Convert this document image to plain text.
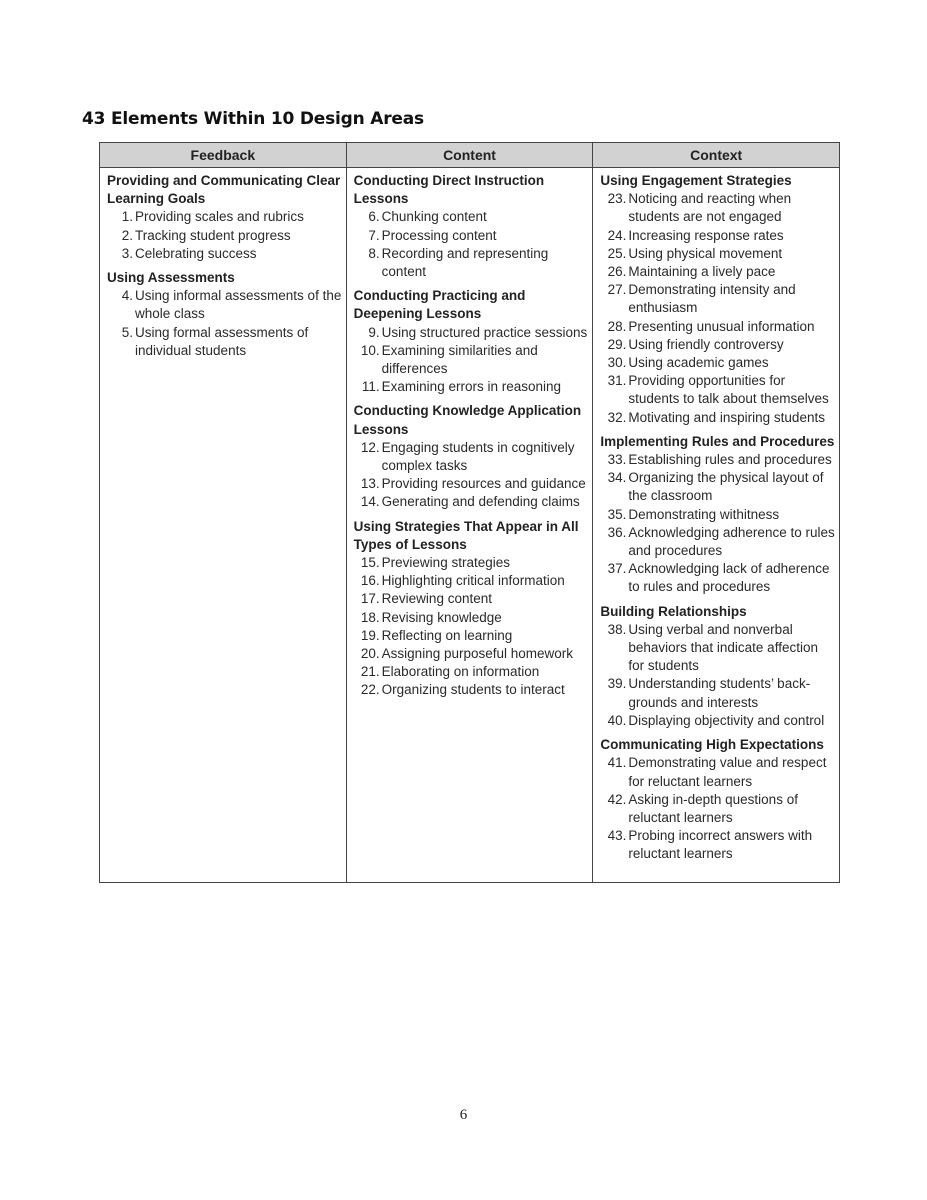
43 Elements Within 10 Design Areas
Feedback	Content	Context
Providing and Communicating Clear Learning Goals
1. Providing scales and rubrics
2. Tracking student progress
3. Celebrating success
Using Assessments
4. Using informal assessments of the whole class
5. Using formal assessments of individual students
Conducting Direct Instruction Lessons
6. Chunking content
7. Processing content
8. Recording and representing content
Conducting Practicing and Deepening Lessons
9. Using structured practice sessions
10. Examining similarities and differences
11. Examining errors in reasoning
Conducting Knowledge Application Lessons
12. Engaging students in cognitively complex tasks
13. Providing resources and guidance
14. Generating and defending claims
Using Strategies That Appear in All Types of Lessons
15. Previewing strategies
16. Highlighting critical information
17. Reviewing content
18. Revising knowledge
19. Reflecting on learning
20. Assigning purposeful homework
21. Elaborating on information
22. Organizing students to interact
Using Engagement Strategies
23. Noticing and reacting when students are not engaged
24. Increasing response rates
25. Using physical movement
26. Maintaining a lively pace
27. Demonstrating intensity and enthusiasm
28. Presenting unusual information
29. Using friendly controversy
30. Using academic games
31. Providing opportunities for students to talk about themselves
32. Motivating and inspiring students
Implementing Rules and Procedures
33. Establishing rules and procedures
34. Organizing the physical layout of the classroom
35. Demonstrating withitness
36. Acknowledging adherence to rules and procedures
37. Acknowledging lack of adherence to rules and procedures
Building Relationships
38. Using verbal and nonverbal behaviors that indicate affection for students
39. Understanding students’ backgrounds and interests
40. Displaying objectivity and control
Communicating High Expectations
41. Demonstrating value and respect for reluctant learners
42. Asking in-depth questions of reluctant learners
43. Probing incorrect answers with reluctant learners
6
